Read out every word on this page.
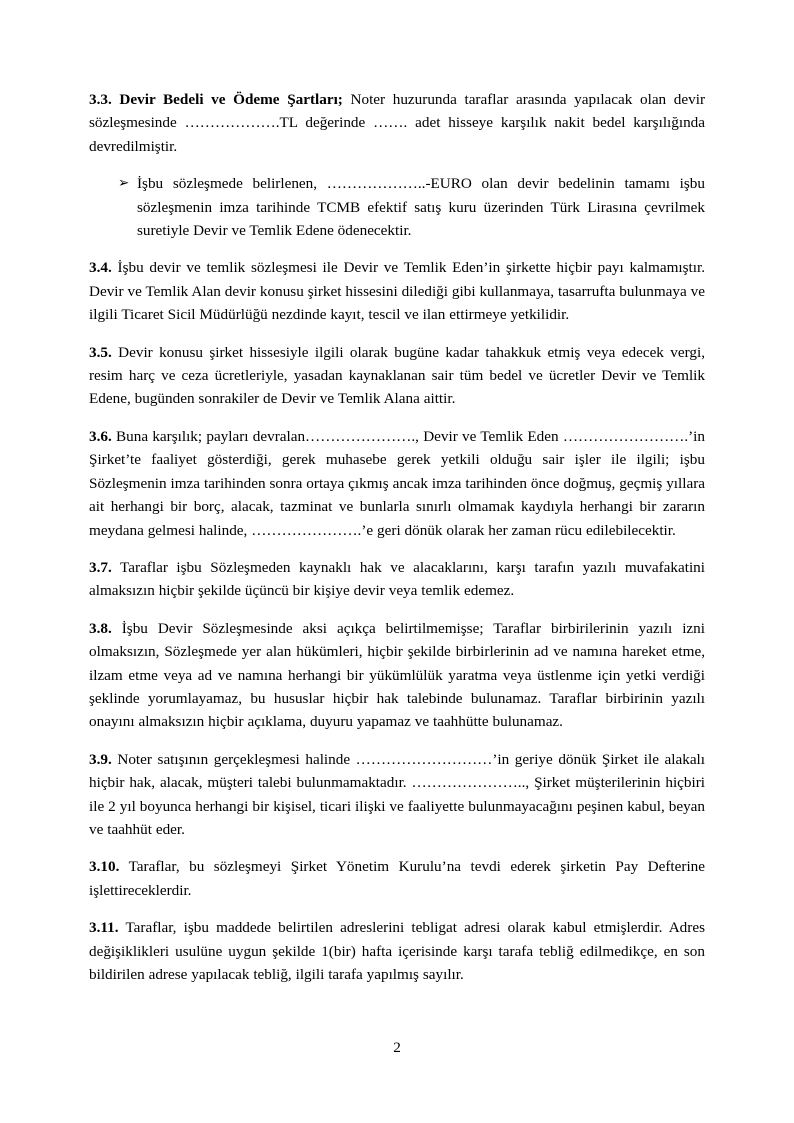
3.3. Devir Bedeli ve Ödeme Şartları; Noter huzurunda taraflar arasında yapılacak olan devir sözleşmesinde ……………….TL değerinde ……. adet hisseye karşılık nakit bedel karşılığında devredilmiştir.

➢ İşbu sözleşmede belirlenen, ………………..-EURO olan devir bedelinin tamamı işbu sözleşmenin imza tarihinde TCMB efektif satış kuru üzerinden Türk Lirasına çevrilmek suretiyle Devir ve Temlik Edene ödenecektir.

3.4. İşbu devir ve temlik sözleşmesi ile Devir ve Temlik Eden’in şirkette hiçbir payı kalmamıştır. Devir ve Temlik Alan devir konusu şirket hissesini dilediği gibi kullanmaya, tasarrufta bulunmaya ve ilgili Ticaret Sicil Müdürlüğü nezdinde kayıt, tescil ve ilan ettirmeye yetkilidir.

3.5. Devir konusu şirket hissesiyle ilgili olarak bugüne kadar tahakkuk etmiş veya edecek vergi, resim harç ve ceza ücretleriyle, yasadan kaynaklanan sair tüm bedel ve ücretler Devir ve Temlik Edene, bugünden sonrakiler de Devir ve Temlik Alana aittir.

3.6. Buna karşılık; payları devralan…………………., Devir ve Temlik Eden …………………….’in Şirket’te faaliyet gösterdiği, gerek muhasebe gerek yetkili olduğu sair işler ile ilgili; işbu Sözleşmenin imza tarihinden sonra ortaya çıkmış ancak imza tarihinden önce doğmuş, geçmiş yıllara ait herhangi bir borç, alacak, tazminat ve bunlarla sınırlı olmamak kaydıyla herhangi bir zararın meydana gelmesi halinde, ………………….’e geri dönük olarak her zaman rücu edilebilecektir.

3.7. Taraflar işbu Sözleşmeden kaynaklı hak ve alacaklarını, karşı tarafın yazılı muvafakatini almaksızın hiçbir şekilde üçüncü bir kişiye devir veya temlik edemez.

3.8. İşbu Devir Sözleşmesinde aksi açıkça belirtilmemişse; Taraflar birbirilerinin yazılı izni olmaksızın, Sözleşmede yer alan hükümleri, hiçbir şekilde birbirlerinin ad ve namına hareket etme, ilzam etme veya ad ve namına herhangi bir yükümlülük yaratma veya üstlenme için yetki verdiği şeklinde yorumlayamaz, bu hususlar hiçbir hak talebinde bulunamaz. Taraflar birbirinin yazılı onayını almaksızın hiçbir açıklama, duyuru yapamaz ve taahhütte bulunamaz.

3.9. Noter satışının gerçekleşmesi halinde ………………………’in geriye dönük Şirket ile alakalı hiçbir hak, alacak, müşteri talebi bulunmamaktadır. ………………….., Şirket müşterilerinin hiçbiri ile 2 yıl boyunca herhangi bir kişisel, ticari ilişki ve faaliyette bulunmayacağını peşinen kabul, beyan ve taahhüt eder.

3.10. Taraflar, bu sözleşmeyi Şirket Yönetim Kurulu’na tevdi ederek şirketin Pay Defterine işlettireceklerdir.

3.11. Taraflar, işbu maddede belirtilen adreslerini tebligat adresi olarak kabul etmişlerdir. Adres değişiklikleri usulüne uygun şekilde 1(bir) hafta içerisinde karşı tarafa tebliğ edilmedikçe, en son bildirilen adrese yapılacak tebliğ, ilgili tarafa yapılmış sayılır.

2
